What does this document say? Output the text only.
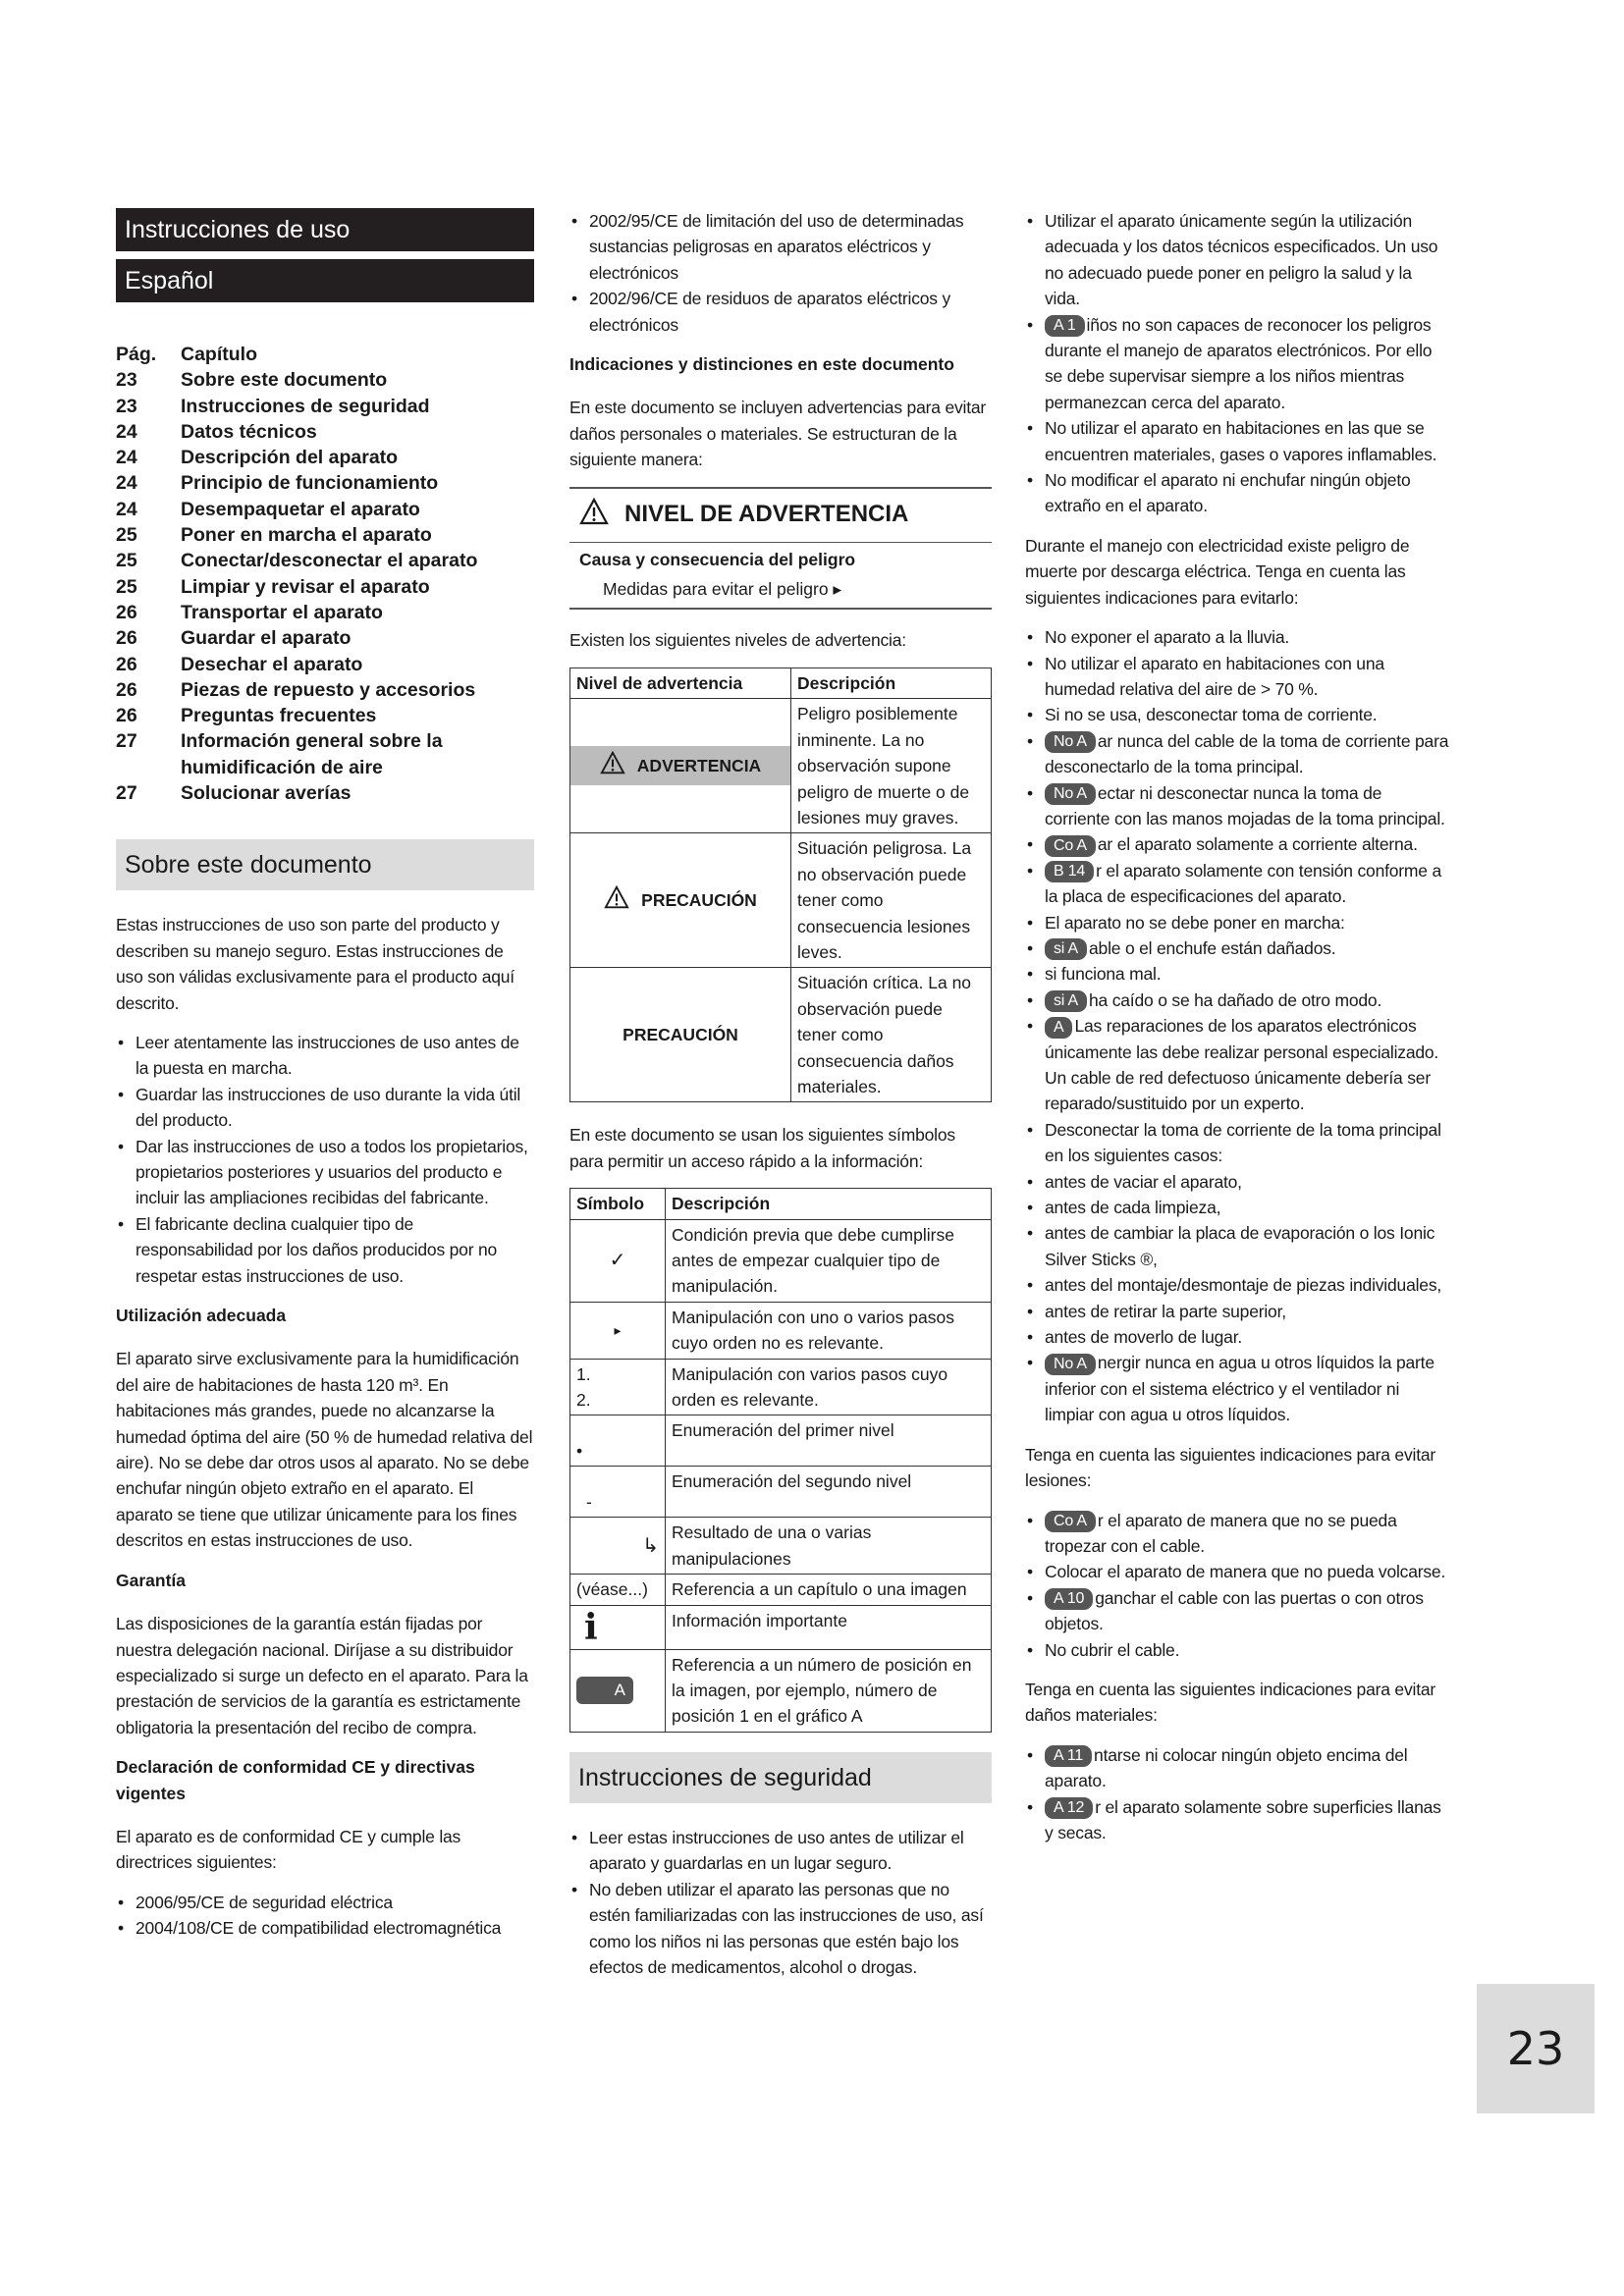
Instrucciones de uso
Español
Pág.	Capítulo
23	Sobre este documento
23	Instrucciones de seguridad
24	Datos técnicos
24	Descripción del aparato
24	Principio de funcionamiento
24	Desempaquetar el aparato
25	Poner en marcha el aparato
25	Conectar/desconectar el aparato
25	Limpiar y revisar el aparato
26	Transportar el aparato
26	Guardar el aparato
26	Desechar el aparato
26	Piezas de repuesto y accesorios
26	Preguntas frecuentes
27	Información general sobre la humidificación de aire
27	Solucionar averías
Sobre este documento

Estas instrucciones de uso son parte del producto y describen su manejo seguro. Estas instrucciones de uso son válidas exclusivamente para el producto aquí descrito.

• Leer atentamente las instrucciones de uso antes de la puesta en marcha.
• Guardar las instrucciones de uso durante la vida útil del producto.
• Dar las instrucciones de uso a todos los propietarios, propietarios posteriores y usuarios del producto e incluir las ampliaciones recibidas del fabricante.
• El fabricante declina cualquier tipo de responsabilidad por los daños producidos por no respetar estas instrucciones de uso.
Utilización adecuada

El aparato sirve exclusivamente para la humidificación del aire de habitaciones de hasta 120 m³. En habitaciones más grandes, puede no alcanzarse la humedad óptima del aire (50 % de humedad relativa del aire). No se debe dar otros usos al aparato. No se debe enchufar ningún objeto extraño en el aparato. El aparato se tiene que utilizar únicamente para los fines descritos en estas instrucciones de uso.

Garantía

Las disposiciones de la garantía están fijadas por nuestra delegación nacional. Diríjase a su distribuidor especializado si surge un defecto en el aparato. Para la prestación de servicios de la garantía es estrictamente obligatoria la presentación del recibo de compra.

Declaración de conformidad CE y directivas vigentes

El aparato es de conformidad CE y cumple las directrices siguientes:

• 2006/95/CE de seguridad eléctrica
• 2004/108/CE de compatibilidad electromagnética
• 2002/95/CE de limitación del uso de determinadas sustancias peligrosas en aparatos eléctricos y electrónicos
• 2002/96/CE de residuos de aparatos eléctricos y electrónicos
Indicaciones y distinciones en este documento

En este documento se incluyen advertencias para evitar daños personales o materiales. Se estructuran de la siguiente manera:

NIVEL DE ADVERTENCIA
Causa y consecuencia del peligro
Medidas para evitar el peligro ▸

Existen los siguientes niveles de advertencia:

Nivel de advertencia	Descripción

ADVERTENCIA	Peligro posiblemente inminente. La no observación supone peligro de muerte o de lesiones muy graves.

PRECAUCIÓN	Situación peligrosa. La no observación puede tener como consecuencia lesiones leves.

PRECAUCIÓN	Situación crítica. La no observación puede tener como consecuencia daños materiales.

En este documento se usan los siguientes símbolos para permitir un acceso rápido a la información:

Símbolo	Descripción
✓	Condición previa que debe cumplirse antes de empezar cualquier tipo de manipulación.
▸	Manipulación con uno o varios pasos cuyo orden no es relevante.
1.
2.	Manipulación con varios pasos cuyo orden es relevante.
•	Enumeración del primer nivel
-	Enumeración del segundo nivel
↳	Resultado de una o varias manipulaciones
(véase...)	Referencia a un capítulo o una imagen
i	Información importante
A	Referencia a un número de posición en la imagen, por ejemplo, número de posición 1 en el gráfico A
Instrucciones de seguridad
• Leer estas instrucciones de uso antes de utilizar el aparato y guardarlas en un lugar seguro.
• No deben utilizar el aparato las personas que no estén familiarizadas con las instrucciones de uso, así como los niños ni las personas que estén bajo los efectos de medicamentos, alcohol o drogas.
• Utilizar el aparato únicamente según la utilización adecuada y los datos técnicos especificados. Un uso no adecuado puede poner en peligro la salud y la vida.
• A 1 iños no son capaces de reconocer los peligros durante el manejo de aparatos electrónicos. Por ello se debe supervisar siempre a los niños mientras permanezcan cerca del aparato.
• No utilizar el aparato en habitaciones en las que se encuentren materiales, gases o vapores inflamables.
• No modificar el aparato ni enchufar ningún objeto extraño en el aparato.

Durante el manejo con electricidad existe peligro de muerte por descarga eléctrica. Tenga en cuenta las siguientes indicaciones para evitarlo:

• No exponer el aparato a la lluvia.
• No utilizar el aparato en habitaciones con una humedad relativa del aire de > 70 %.
• Si no se usa, desconectar toma de corriente.
• No A ar nunca del cable de la toma de corriente para desconectarlo de la toma principal.
• No A ectar ni desconectar nunca la toma de corriente con las manos mojadas de la toma principal.
• Co A ar el aparato solamente a corriente alterna.
• B 14 r el aparato solamente con tensión conforme a la placa de especificaciones del aparato.
• El aparato no se debe poner en marcha:
• si A able o el enchufe están dañados.
• si funciona mal.
• si A ha caído o se ha dañado de otro modo.
• A Las reparaciones de los aparatos electrónicos únicamente las debe realizar personal especializado. Un cable de red defectuoso únicamente debería ser reparado/sustituido por un experto.
• Desconectar la toma de corriente de la toma principal en los siguientes casos:
• antes de vaciar el aparato,
• antes de cada limpieza,
• antes de cambiar la placa de evaporación o los Ionic Silver Sticks ®,
• antes del montaje/desmontaje de piezas individuales,
• antes de retirar la parte superior,
• antes de moverlo de lugar.
• No A nergir nunca en agua u otros líquidos la parte inferior con el sistema eléctrico y el ventilador ni limpiar con agua u otros líquidos.

Tenga en cuenta las siguientes indicaciones para evitar lesiones:

• Co A r el aparato de manera que no se pueda tropezar con el cable.
• Colocar el aparato de manera que no pueda volcarse.
• A 10 ganchar el cable con las puertas o con otros objetos.
• No cubrir el cable.

Tenga en cuenta las siguientes indicaciones para evitar daños materiales:

• A 11 ntarse ni colocar ningún objeto encima del aparato.
• A 12 r el aparato solamente sobre superficies llanas y secas.
23
